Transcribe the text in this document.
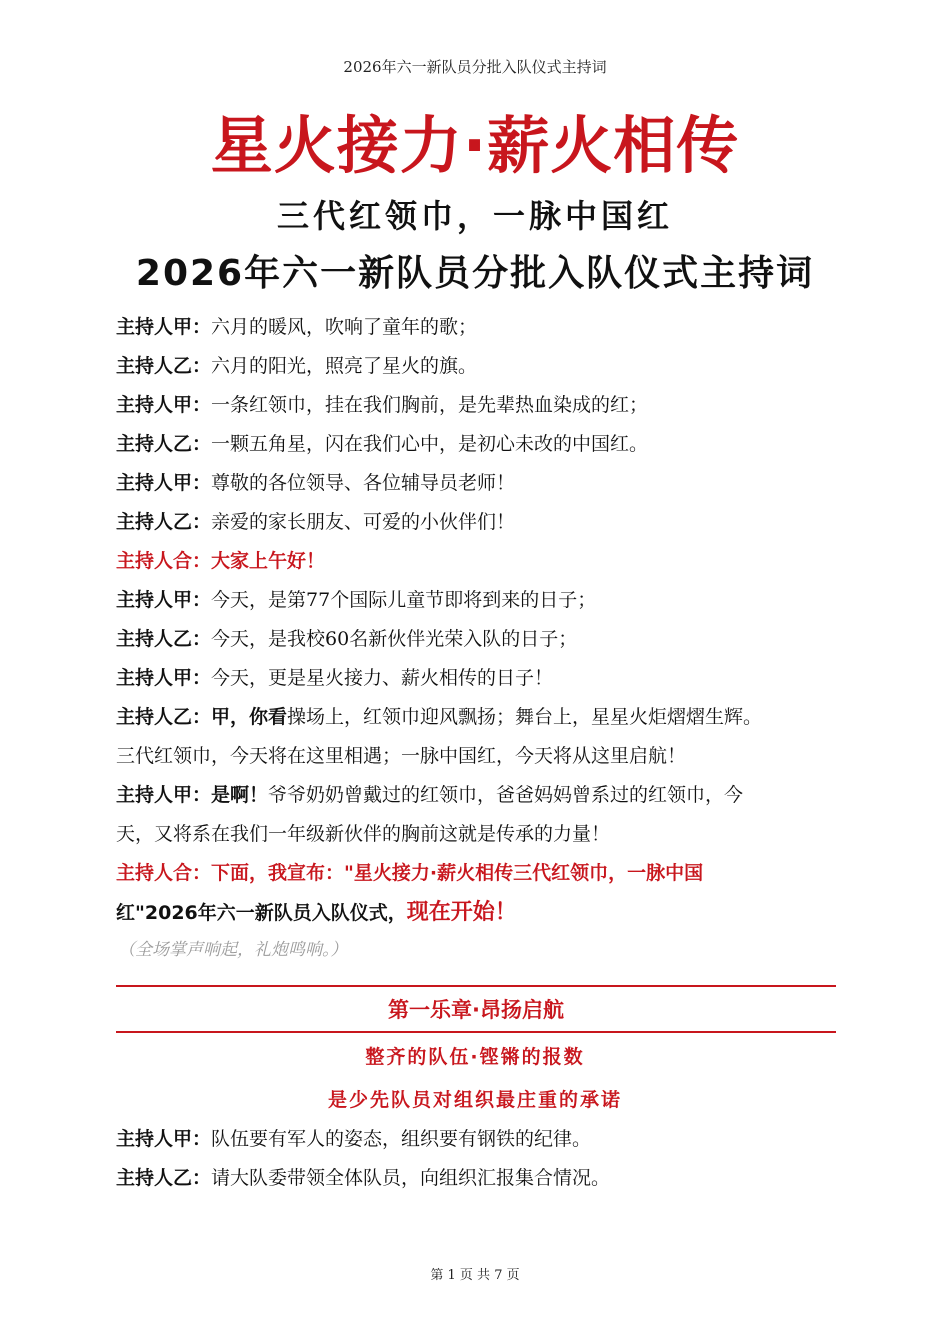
2026年六一新队员分批入队仪式主持词
星火接力·薪火相传
三代红领巾，一脉中国红
2026年六一新队员分批入队仪式主持词

主持人甲：六月的暖风，吹响了童年的歌；

主持人乙：六月的阳光，照亮了星火的旗。

主持人甲：一条红领巾，挂在我们胸前，是先辈热血染成的红；

主持人乙：一颗五角星，闪在我们心中，是初心未改的中国红。

主持人甲：尊敬的各位领导、各位辅导员老师！

主持人乙：亲爱的家长朋友、可爱的小伙伴们！

主持人合：大家上午好！

主持人甲：今天，是第77个国际儿童节即将到来的日子；

主持人乙：今天，是我校60名新伙伴光荣入队的日子；

主持人甲：今天，更是星火接力、薪火相传的日子！

主持人乙：甲，你看操场上，红领巾迎风飘扬；舞台上，星星火炬熠熠生辉。

三代红领巾，今天将在这里相遇；一脉中国红，今天将从这里启航！

主持人甲：是啊！爷爷奶奶曾戴过的红领巾，爸爸妈妈曾系过的红领巾，今

天，又将系在我们一年级新伙伴的胸前这就是传承的力量！

主持人合：下面，我宣布："星火接力·薪火相传三代红领巾，一脉中国

红"2026年六一新队员入队仪式，现在开始！

（全场掌声响起，礼炮鸣响。）

第一乐章·昂扬启航
整齐的队伍·铿锵的报数
是少先队员对组织最庄重的承诺

主持人甲：队伍要有军人的姿态，组织要有钢铁的纪律。

主持人乙：请大队委带领全体队员，向组织汇报集合情况。

第 1 页 共 7 页
